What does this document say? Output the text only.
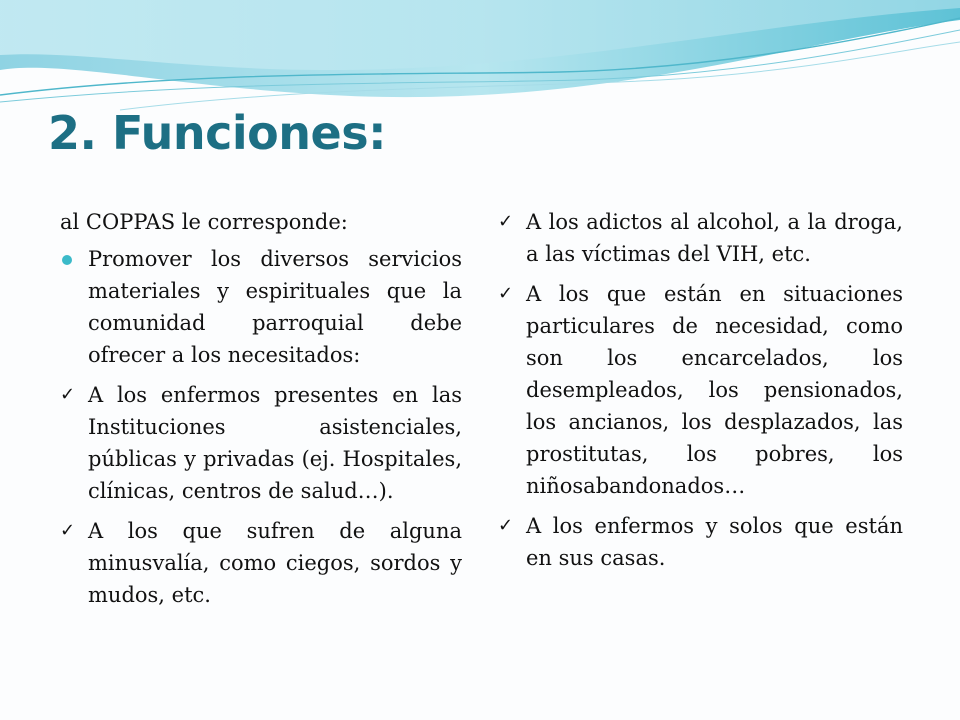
2. Funciones:

al COPPAS le corresponde:

Promover los diversos servicios materiales y espirituales que la comunidad parroquial debe ofrecer a los necesitados:
✓ A los enfermos presentes en las Instituciones asistenciales, públicas y privadas (ej. Hospitales, clínicas, centros de salud…).
✓ A los que sufren de alguna minusvalía, como ciegos, sordos y mudos, etc.
✓ A los adictos al alcohol, a la droga, a las víctimas del VIH, etc.
✓ A los que están en situaciones particulares de necesidad, como son los encarcelados, los desempleados, los pensionados, los ancianos, los desplazados, las prostitutas, los pobres, los niñosabandonados…
✓ A los enfermos y solos que están en sus casas.
